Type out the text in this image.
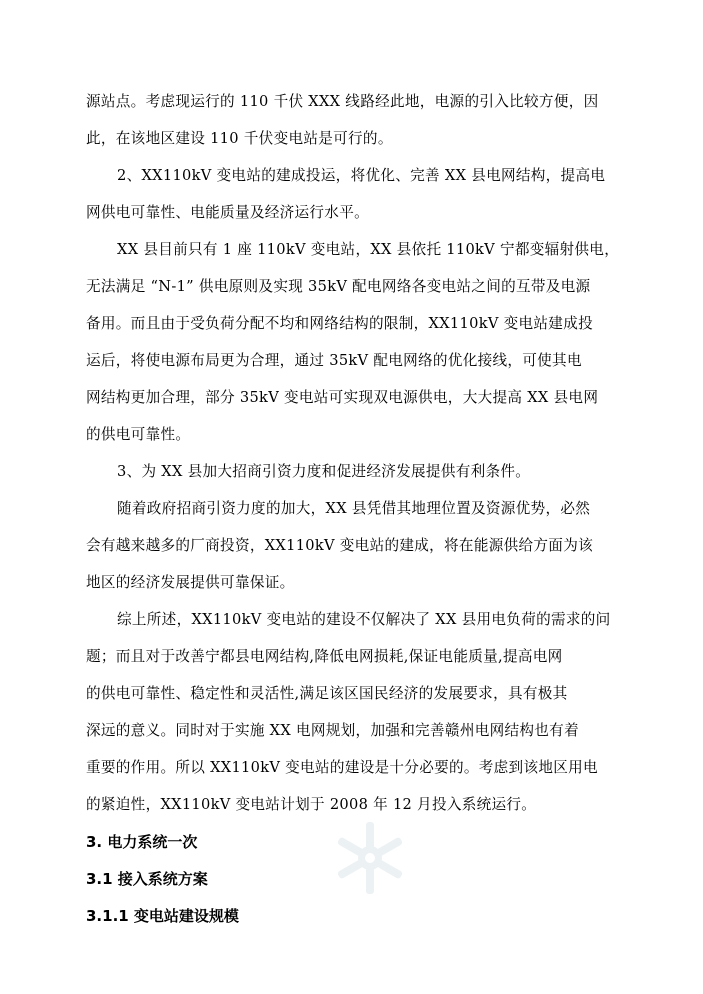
源站点。考虑现运行的 110 千伏 XXX 线路经此地，电源的引入比较方便，因
此，在该地区建设 110 千伏变电站是可行的。
2、XX110kV 变电站的建成投运，将优化、完善 XX 县电网结构，提高电
网供电可靠性、电能质量及经济运行水平。
XX 县目前只有 1 座 110kV 变电站，XX 县依托 110kV 宁都变辐射供电，
无法满足 “N-1” 供电原则及实现 35kV 配电网络各变电站之间的互带及电源
备用。而且由于受负荷分配不均和网络结构的限制，XX110kV 变电站建成投
运后，将使电源布局更为合理，通过 35kV 配电网络的优化接线，可使其电
网结构更加合理，部分 35kV 变电站可实现双电源供电，大大提高 XX 县电网
的供电可靠性。
3、为 XX 县加大招商引资力度和促进经济发展提供有利条件。
随着政府招商引资力度的加大，XX 县凭借其地理位置及资源优势，必然
会有越来越多的厂商投资，XX110kV 变电站的建成，将在能源供给方面为该
地区的经济发展提供可靠保证。
综上所述，XX110kV 变电站的建设不仅解决了 XX 县用电负荷的需求的问
题；而且对于改善宁都县电网结构,降低电网损耗,保证电能质量,提高电网
的供电可靠性、稳定性和灵活性,满足该区国民经济的发展要求，具有极其
深远的意义。同时对于实施 XX 电网规划，加强和完善赣州电网结构也有着
重要的作用。所以 XX110kV 变电站的建设是十分必要的。考虑到该地区用电
的紧迫性，XX110kV 变电站计划于 2008 年 12 月投入系统运行。
3. 电力系统一次
3.1 接入系统方案
3.1.1 变电站建设规模
